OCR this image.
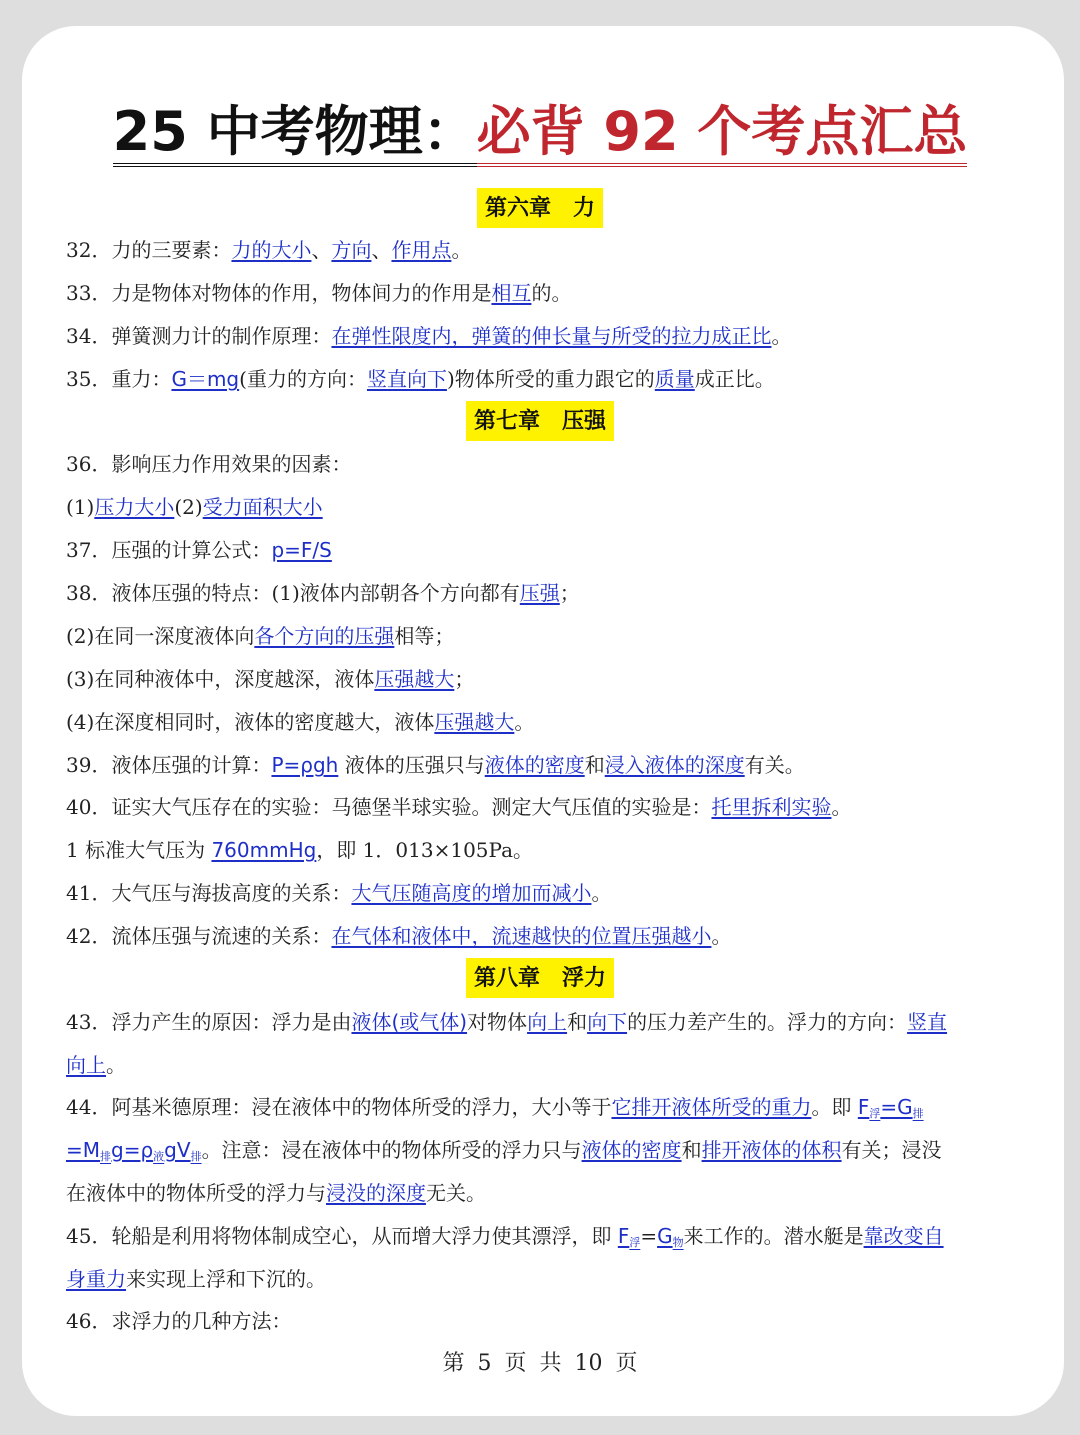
25 中考物理：必背 92 个考点汇总
第六章　力
32．力的三要素：力的大小、方向、作用点。
33．力是物体对物体的作用，物体间力的作用是相互的。
34．弹簧测力计的制作原理：在弹性限度内，弹簧的伸长量与所受的拉力成正比。
35．重力：G＝mg(重力的方向：竖直向下)物体所受的重力跟它的质量成正比。
第七章　压强
36．影响压力作用效果的因素：
(1)压力大小(2)受力面积大小
37．压强的计算公式：p=F/S
38．液体压强的特点：(1)液体内部朝各个方向都有压强；
(2)在同一深度液体向各个方向的压强相等；
(3)在同种液体中，深度越深，液体压强越大；
(4)在深度相同时，液体的密度越大，液体压强越大。
39．液体压强的计算：P=ρgh 液体的压强只与液体的密度和浸入液体的深度有关。
40．证实大气压存在的实验：马德堡半球实验。测定大气压值的实验是：托里拆利实验。
1 标准大气压为 760mmHg，即 1．013×105Pa。
41．大气压与海拔高度的关系：大气压随高度的增加而减小。
42．流体压强与流速的关系：在气体和液体中，流速越快的位置压强越小。
第八章　浮力
43．浮力产生的原因：浮力是由液体(或气体)对物体向上和向下的压力差产生的。浮力的方向：竖直
向上。
44．阿基米德原理：浸在液体中的物体所受的浮力，大小等于它排开液体所受的重力。即 $F_浮=G_排$
$=M_排g=\rho_液gV_排$。注意：浸在液体中的物体所受的浮力只与液体的密度和排开液体的体积有关；浸没
在液体中的物体所受的浮力与浸没的深度无关。
45．轮船是利用将物体制成空心，从而增大浮力使其漂浮，即 $F_浮=G_物$来工作的。潜水艇是靠改变自
身重力来实现上浮和下沉的。
46．求浮力的几种方法：
第 5 页 共 10 页
